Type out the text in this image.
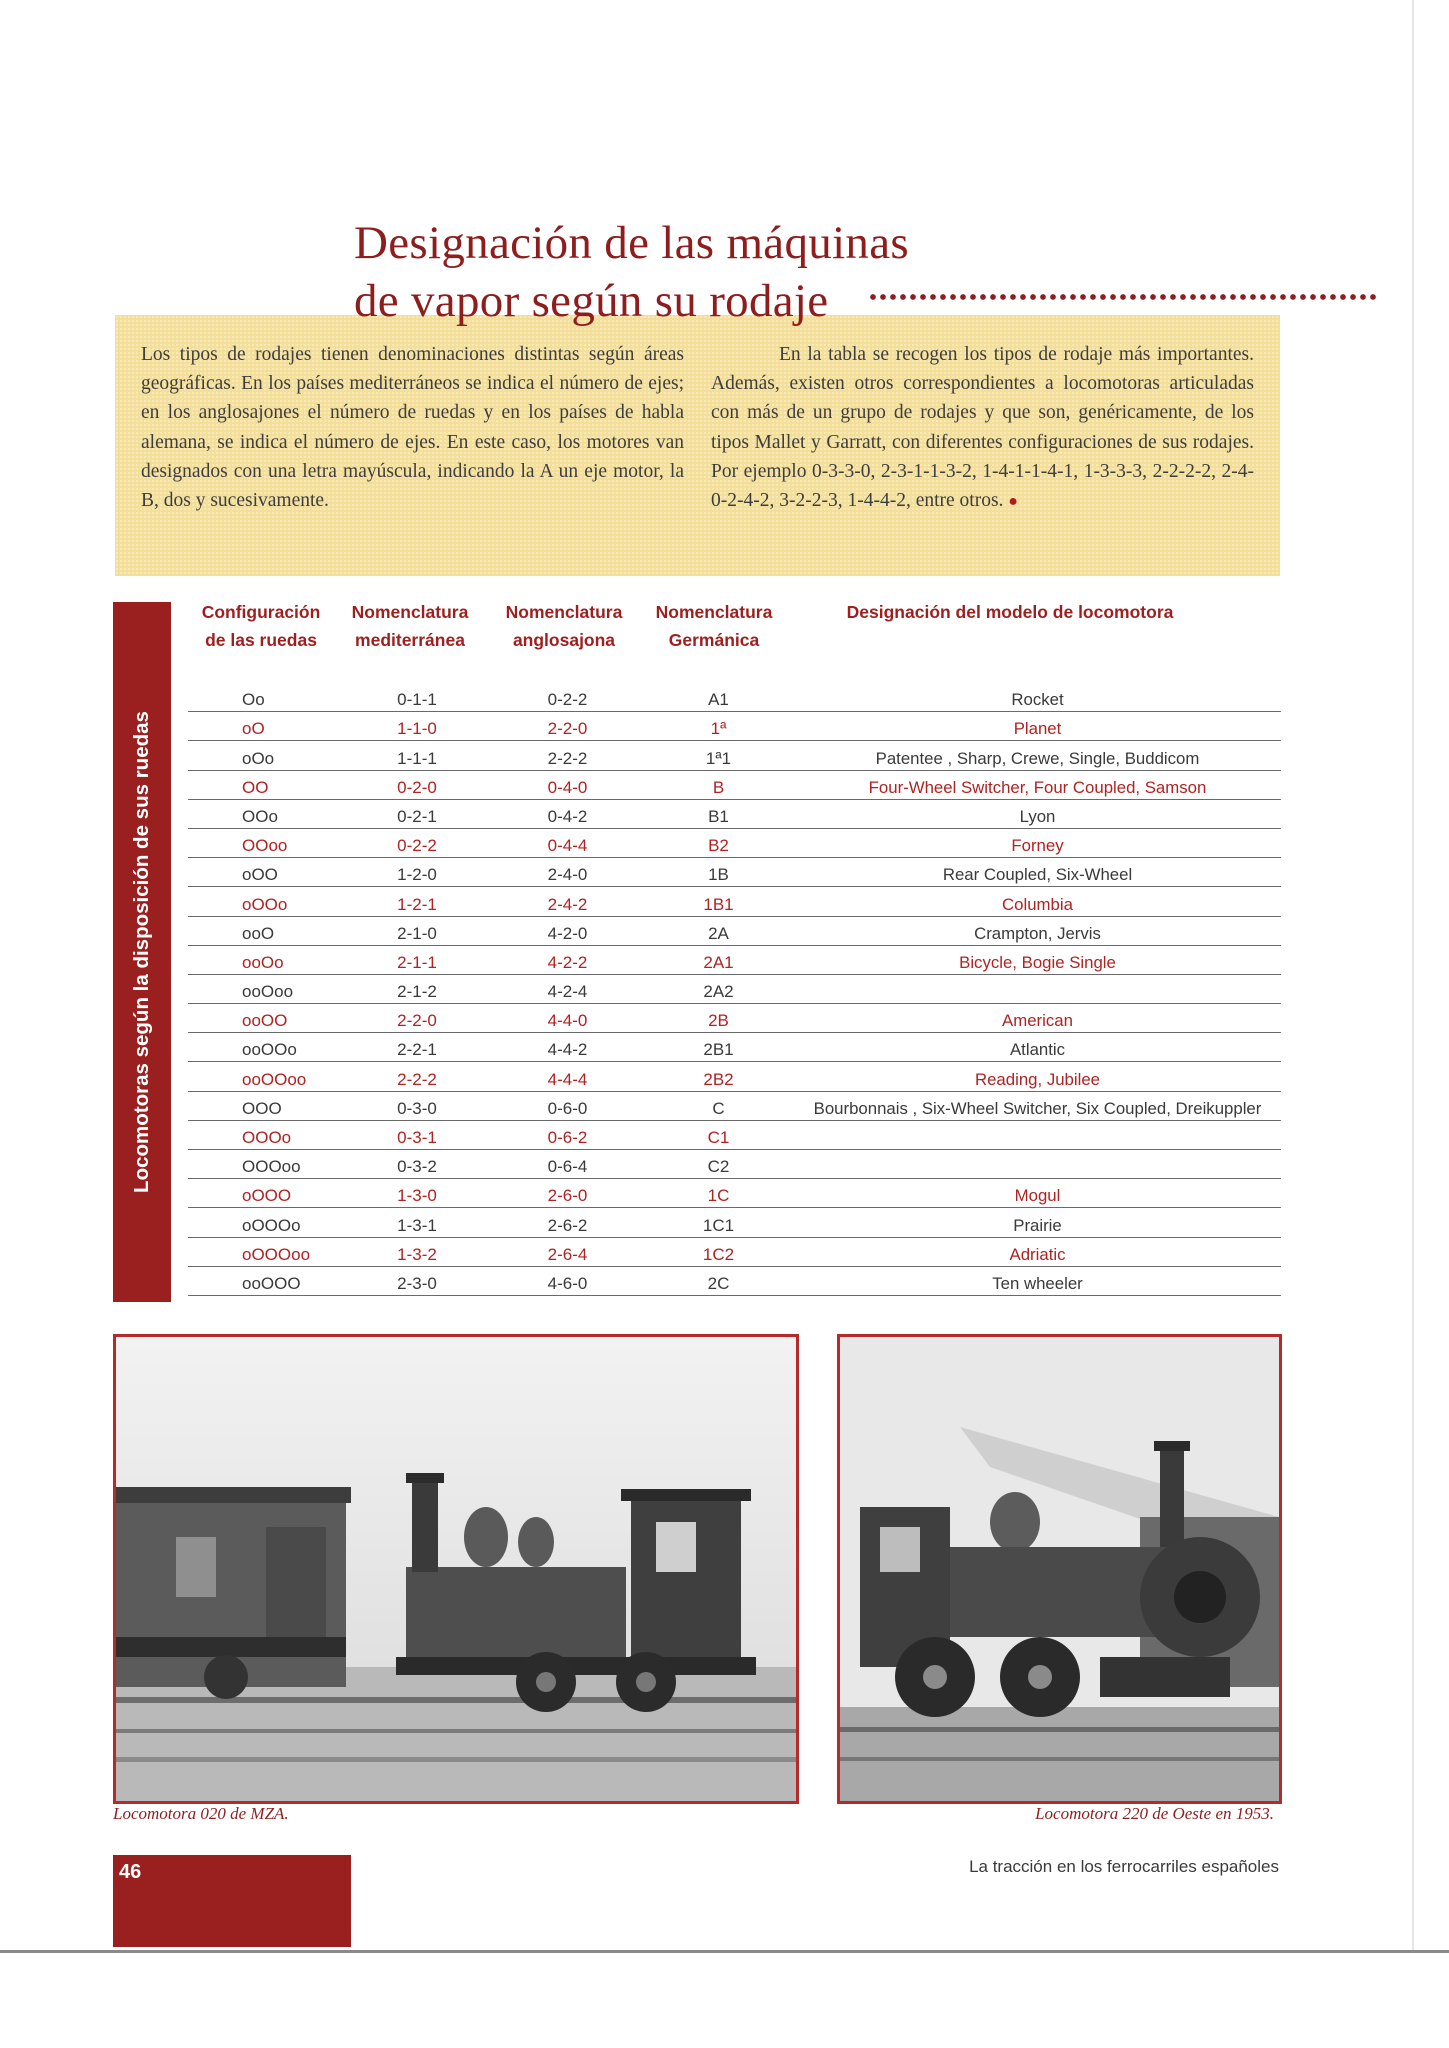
Designación de las máquinas
de vapor según su rodaje

Los tipos de rodajes tienen denominaciones distintas según áreas geográficas. En los países mediterráneos se indica el número de ejes; en los anglosajones el número de ruedas y en los países de habla alemana, se indica el número de ejes. En este caso, los motores van designados con una letra mayúscula, indicando la A un eje motor, la B, dos y sucesivamente.

En la tabla se recogen los tipos de rodaje más importantes. Además, existen otros correspondientes a locomotoras articuladas con más de un grupo de rodajes y que son, genéricamente, de los tipos Mallet y Garratt, con diferentes configuraciones de sus rodajes. Por ejemplo 0-3-3-0, 2-3-1-1-3-2, 1-4-1-1-4-1, 1-3-3-3, 2-2-2-2, 2-4-0-2-4-2, 3-2-2-3, 1-4-4-2, entre otros. ●

Locomotoras según la disposición de sus ruedas
Configuración
de las ruedas
Nomenclatura
mediterránea
Nomenclatura
anglosajona
Nomenclatura
Germánica
Designación del modelo de locomotora
Oo	0-1-1	0-2-2	A1	Rocket
oO	1-1-0	2-2-0	1ª	Planet
oOo	1-1-1	2-2-2	1ª1	Patentee , Sharp, Crewe, Single, Buddicom
OO	0-2-0	0-4-0	B	Four-Wheel Switcher, Four Coupled, Samson
OOo	0-2-1	0-4-2	B1	Lyon
OOoo	0-2-2	0-4-4	B2	Forney
oOO	1-2-0	2-4-0	1B	Rear Coupled, Six-Wheel
oOOo	1-2-1	2-4-2	1B1	Columbia
ooO	2-1-0	4-2-0	2A	Crampton, Jervis
ooOo	2-1-1	4-2-2	2A1	Bicycle, Bogie Single
ooOoo	2-1-2	4-2-4	2A2	
ooOO	2-2-0	4-4-0	2B	American
ooOOo	2-2-1	4-4-2	2B1	Atlantic
ooOOoo	2-2-2	4-4-4	2B2	Reading, Jubilee
OOO	0-3-0	0-6-0	C	Bourbonnais , Six-Wheel Switcher, Six Coupled, Dreikuppler
OOOo	0-3-1	0-6-2	C1	
OOOoo	0-3-2	0-6-4	C2	
oOOO	1-3-0	2-6-0	1C	Mogul
oOOOo	1-3-1	2-6-2	1C1	Prairie
oOOOoo	1-3-2	2-6-4	1C2	Adriatic
ooOOO	2-3-0	4-6-0	2C	Ten wheeler

Locomotora 020 de MZA.	Locomotora 220 de Oeste en 1953.

46	La tracción en los ferrocarriles españoles
